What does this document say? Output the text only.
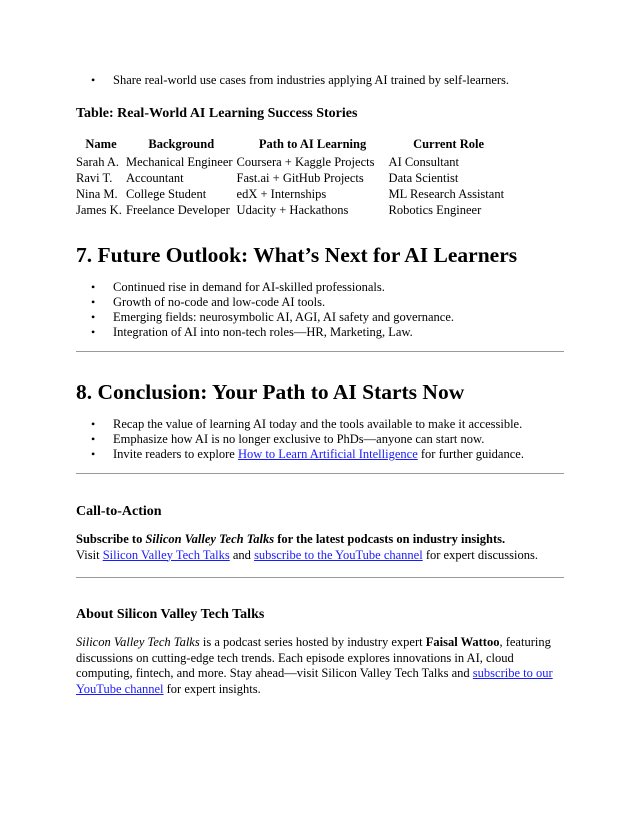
• Share real-world use cases from industries applying AI trained by self-learners.
Table: Real-World AI Learning Success Stories
Name	Background	Path to AI Learning	Current Role
Sarah A.	Mechanical Engineer	Coursera + Kaggle Projects	AI Consultant
Ravi T.	Accountant	Fast.ai + GitHub Projects	Data Scientist
Nina M.	College Student	edX + Internships	ML Research Assistant
James K.	Freelance Developer	Udacity + Hackathons	Robotics Engineer
7. Future Outlook: What’s Next for AI Learners
• Continued rise in demand for AI-skilled professionals.
• Growth of no-code and low-code AI tools.
• Emerging fields: neurosymbolic AI, AGI, AI safety and governance.
• Integration of AI into non-tech roles—HR, Marketing, Law.
8. Conclusion: Your Path to AI Starts Now
• Recap the value of learning AI today and the tools available to make it accessible.
• Emphasize how AI is no longer exclusive to PhDs—anyone can start now.
• Invite readers to explore How to Learn Artificial Intelligence for further guidance.
Call-to-Action

Subscribe to Silicon Valley Tech Talks for the latest podcasts on industry insights.
Visit Silicon Valley Tech Talks and subscribe to the YouTube channel for expert discussions.

About Silicon Valley Tech Talks

Silicon Valley Tech Talks is a podcast series hosted by industry expert Faisal Wattoo, featuring discussions on cutting-edge tech trends. Each episode explores innovations in AI, cloud computing, fintech, and more. Stay ahead—visit Silicon Valley Tech Talks and subscribe to our YouTube channel for expert insights.
